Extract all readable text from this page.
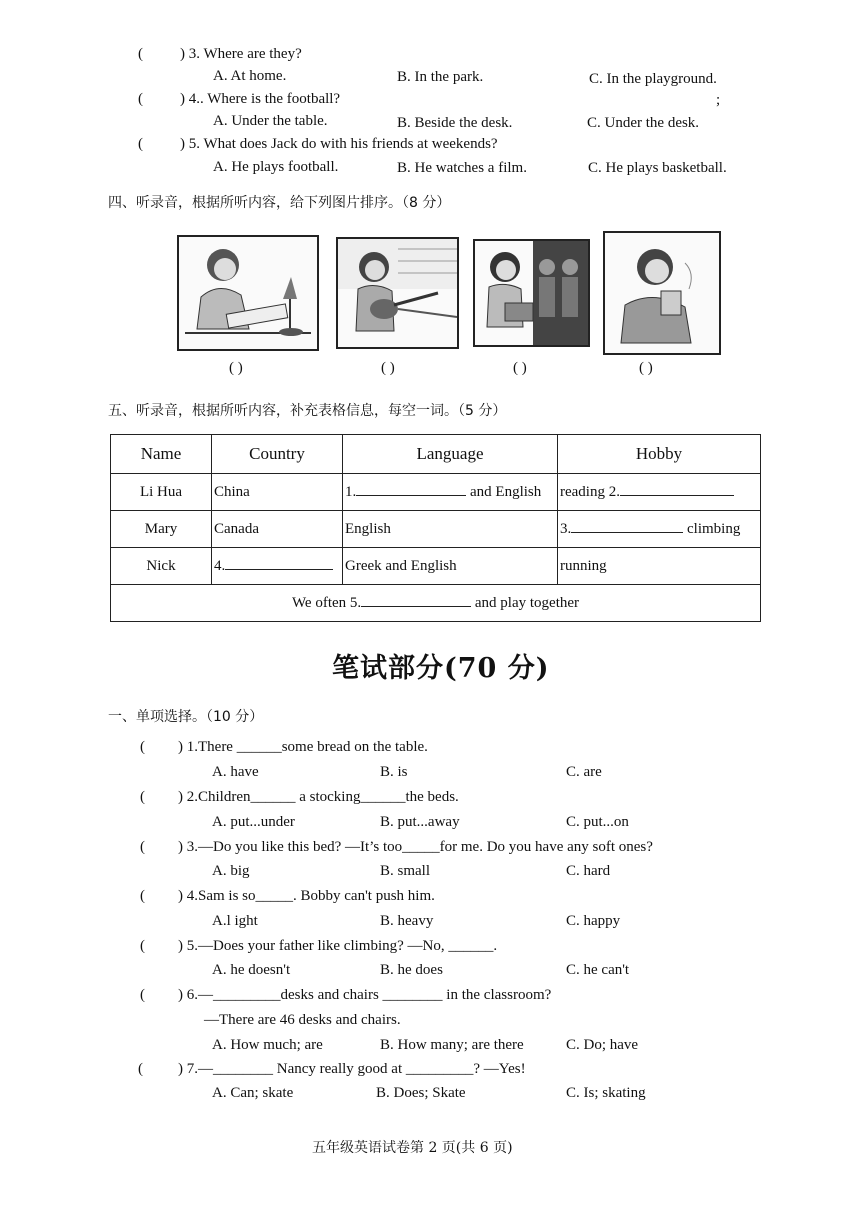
( ) 3. Where are they?
A. At home.	B. In the park.	C. In the playground.
( ) 4.. Where is the football?	;
A. Under the table.	B. Beside the desk.	C. Under the desk.
( ) 5. What does Jack do with his friends at weekends?
A. He plays football.	B. He watches a film.	C. He plays basketball.
四、听录音，根据所听内容，给下列图片排序。（8 分）
( )	( )	( )	( )
五、听录音，根据所听内容，补充表格信息，每空一词。（5 分）
Name	Country	Language	Hobby
Li Hua	China	1. and English	reading 2.
Mary	Canada	English	3. climbing
Nick	4.	Greek and English	running
We often 5. and play together			
笔试部分(70 分)
一、单项选择。（10 分）
( ) 1.There ______some bread on the table.
A. have	B. is	C. are
( ) 2.Children______ a stocking______the beds.
A. put...under	B. put...away	C. put...on
( ) 3.—Do you like this bed? —It’s too_____for me. Do you have any soft ones?
A. big	B. small	C. hard
( ) 4.Sam is so_____. Bobby can't push him.
A.l ight	B. heavy	C. happy
( ) 5.—Does your father like climbing? —No, ______.
A. he doesn't	B. he does	C. he can't
( ) 6.—_________desks and chairs ________ in the classroom?
—There are 46 desks and chairs.
A. How much; are	B. How many; are there	C. Do; have
( ) 7.—________ Nancy really good at _________? —Yes!
A. Can; skate	B. Does; Skate	C. Is; skating
五年级英语试卷第 2 页(共 6 页)
